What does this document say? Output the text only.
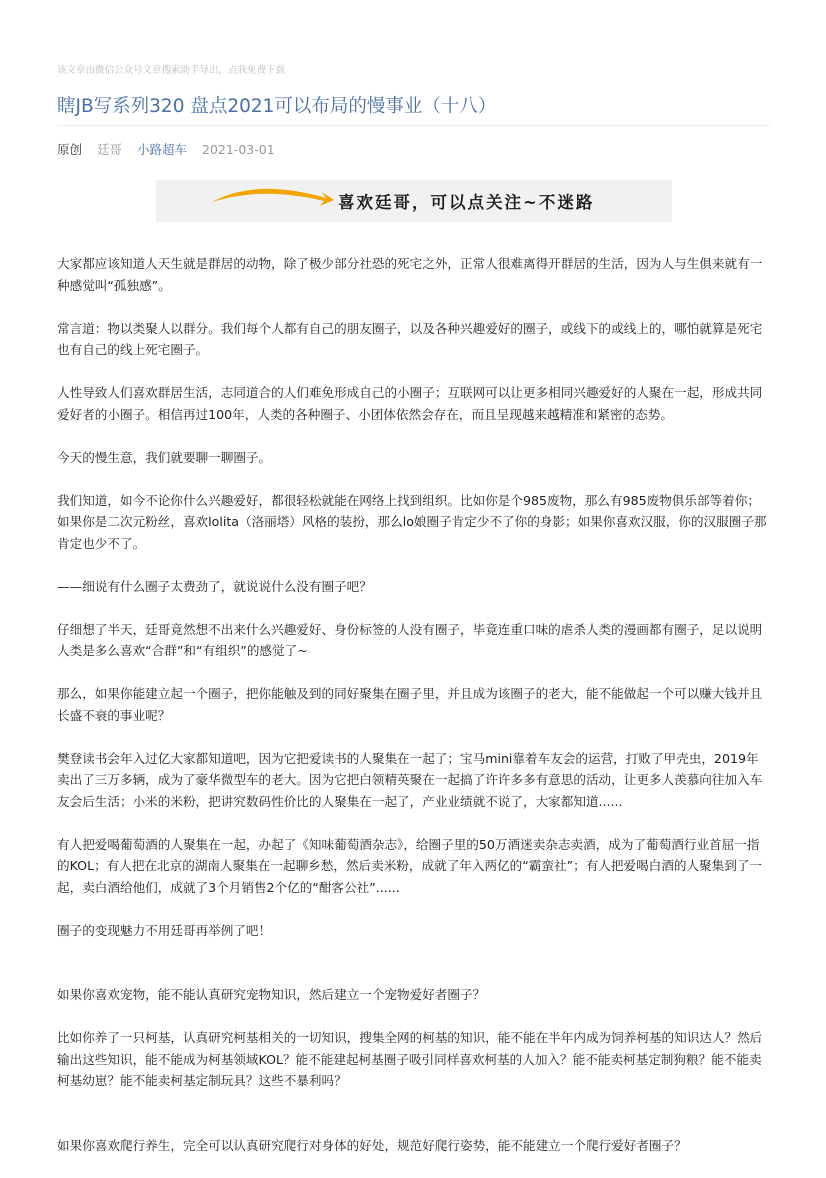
该文章由微信公众号文章搜索助手导出，点我免费下载
瞎JB写系列320 盘点2021可以布局的慢事业（十八）
原创 廷哥 小路超车 2021-03-01
喜欢廷哥，可以点关注~不迷路

大家都应该知道人天生就是群居的动物，除了极少部分社恐的死宅之外，正常人很难离得开群居的生活，因为人与生俱来就有一种感觉叫“孤独感”。

常言道：物以类聚人以群分。我们每个人都有自己的朋友圈子，以及各种兴趣爱好的圈子，或线下的或线上的，哪怕就算是死宅也有自己的线上死宅圈子。

人性导致人们喜欢群居生活，志同道合的人们难免形成自己的小圈子；互联网可以让更多相同兴趣爱好的人聚在一起，形成共同爱好者的小圈子。相信再过100年，人类的各种圈子、小团体依然会存在，而且呈现越来越精准和紧密的态势。

今天的慢生意，我们就要聊一聊圈子。

我们知道，如今不论你什么兴趣爱好，都很轻松就能在网络上找到组织。比如你是个985废物，那么有985废物俱乐部等着你；如果你是二次元粉丝，喜欢lolita（洛丽塔）风格的装扮，那么lo娘圈子肯定少不了你的身影；如果你喜欢汉服，你的汉服圈子那肯定也少不了。

——细说有什么圈子太费劲了，就说说什么没有圈子吧？

仔细想了半天，廷哥竟然想不出来什么兴趣爱好、身份标签的人没有圈子，毕竟连重口味的虐杀人类的漫画都有圈子，足以说明人类是多么喜欢“合群”和“有组织”的感觉了~

那么，如果你能建立起一个圈子，把你能触及到的同好聚集在圈子里，并且成为该圈子的老大，能不能做起一个可以赚大钱并且长盛不衰的事业呢？

樊登读书会年入过亿大家都知道吧，因为它把爱读书的人聚集在一起了；宝马mini靠着车友会的运营，打败了甲壳虫，2019年卖出了三万多辆，成为了豪华微型车的老大。因为它把白领精英聚在一起搞了许许多多有意思的活动，让更多人羡慕向往加入车友会后生活；小米的米粉，把讲究数码性价比的人聚集在一起了，产业业绩就不说了，大家都知道......

有人把爱喝葡萄酒的人聚集在一起，办起了《知味葡萄酒杂志》，给圈子里的50万酒迷卖杂志卖酒，成为了葡萄酒行业首屈一指的KOL；有人把在北京的湖南人聚集在一起聊乡愁，然后卖米粉，成就了年入两亿的“霸蛮社”；有人把爱喝白酒的人聚集到了一起，卖白酒给他们，成就了3个月销售2个亿的“酣客公社”......

圈子的变现魅力不用廷哥再举例了吧！

如果你喜欢宠物，能不能认真研究宠物知识，然后建立一个宠物爱好者圈子？

比如你养了一只柯基，认真研究柯基相关的一切知识，搜集全网的柯基的知识，能不能在半年内成为饲养柯基的知识达人？然后输出这些知识，能不能成为柯基领域KOL？能不能建起柯基圈子吸引同样喜欢柯基的人加入？能不能卖柯基定制狗粮？能不能卖柯基幼崽？能不能卖柯基定制玩具？这些不暴利吗？

如果你喜欢爬行养生，完全可以认真研究爬行对身体的好处，规范好爬行姿势，能不能建立一个爬行爱好者圈子？
